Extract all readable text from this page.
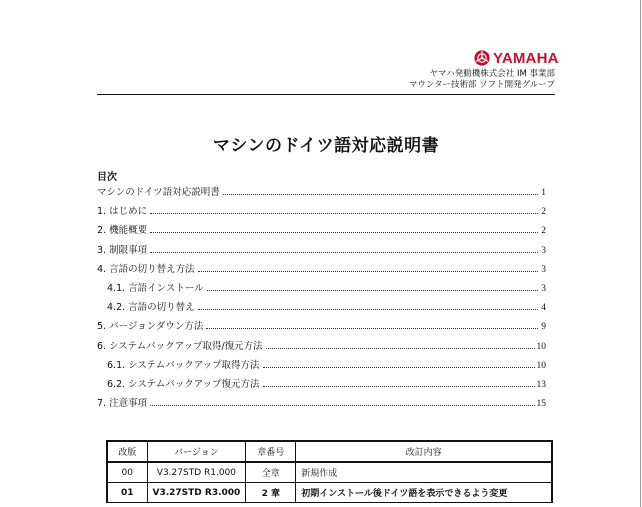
YAMAHA
ヤマハ発動機株式会社 IM 事業部
マウンター技術部 ソフト開発グループ
マシンのドイツ語対応説明書
目次
マシンのドイツ語対応説明書	1
1. はじめに	2
2. 機能概要	2
3. 制限事項	3
4. 言語の切り替え方法	3
4.1. 言語インストール	3
4.2. 言語の切り替え	4
5. バージョンダウン方法	9
6. システムバックアップ取得/復元方法	10
6.1. システムバックアップ取得方法	10
6.2. システムバックアップ復元方法	13
7. 注意事項	15
改版	バージョン	章番号	改訂内容
00	V3.27STD R1.000	全章	新規作成
01	V3.27STD R3.000	2 章	初期インストール後ドイツ語を表示できるよう変更
